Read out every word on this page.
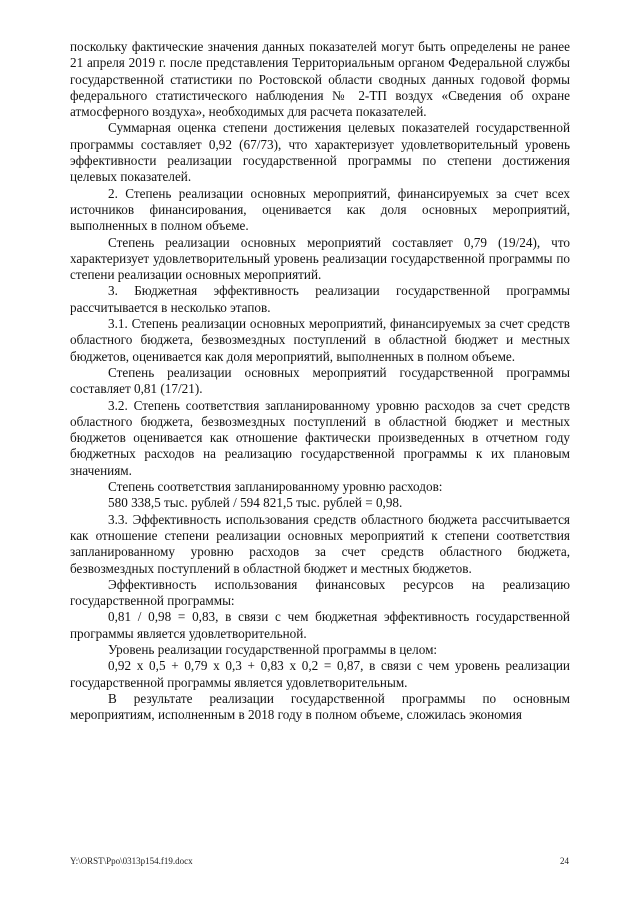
поскольку фактические значения данных показателей могут быть определены не ранее 21 апреля 2019 г. после представления Территориальным органом Федеральной службы государственной статистики по Ростовской области сводных данных годовой формы федерального статистического наблюдения № 2-ТП воздух «Сведения об охране атмосферного воздуха», необходимых для расчета показателей.

Суммарная оценка степени достижения целевых показателей государственной программы составляет 0,92 (67/73), что характеризует удовлетворительный уровень эффективности реализации государственной программы по степени достижения целевых показателей.

2. Степень реализации основных мероприятий, финансируемых за счет всех источников финансирования, оценивается как доля основных мероприятий, выполненных в полном объеме.

Степень реализации основных мероприятий составляет 0,79 (19/24), что характеризует удовлетворительный уровень реализации государственной программы по степени реализации основных мероприятий.

3. Бюджетная эффективность реализации государственной программы рассчитывается в несколько этапов.

3.1. Степень реализации основных мероприятий, финансируемых за счет средств областного бюджета, безвозмездных поступлений в областной бюджет и местных бюджетов, оценивается как доля мероприятий, выполненных в полном объеме.

Степень реализации основных мероприятий государственной программы составляет 0,81 (17/21).

3.2. Степень соответствия запланированному уровню расходов за счет средств областного бюджета, безвозмездных поступлений в областной бюджет и местных бюджетов оценивается как отношение фактически произведенных в отчетном году бюджетных расходов на реализацию государственной программы к их плановым значениям.

Степень соответствия запланированному уровню расходов:

580 338,5 тыс. рублей / 594 821,5 тыс. рублей = 0,98.

3.3. Эффективность использования средств областного бюджета рассчитывается как отношение степени реализации основных мероприятий к степени соответствия запланированному уровню расходов за счет средств областного бюджета, безвозмездных поступлений в областной бюджет и местных бюджетов.

Эффективность использования финансовых ресурсов на реализацию государственной программы:

0,81 / 0,98 = 0,83, в связи с чем бюджетная эффективность государственной программы является удовлетворительной.

Уровень реализации государственной программы в целом:

0,92 х 0,5 + 0,79 х 0,3 + 0,83 х 0,2 = 0,87, в связи с чем уровень реализации государственной программы является удовлетворительным.

В результате реализации государственной программы по основным мероприятиям, исполненным в 2018 году в полном объеме, сложилась экономия

Y:\ORST\Ppo\0313p154.f19.docx	24
